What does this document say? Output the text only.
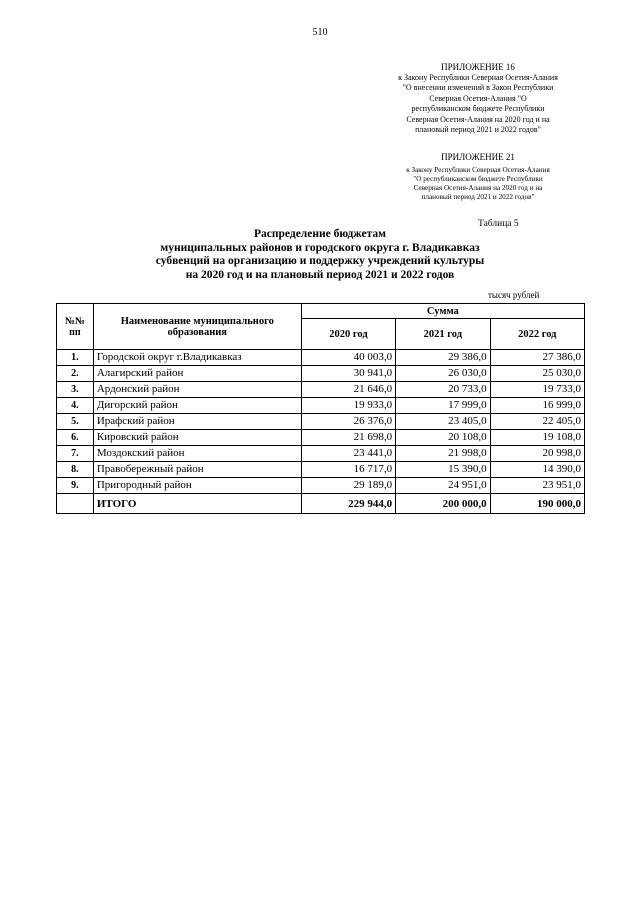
510
ПРИЛОЖЕНИЕ 16
к Закону Республики Северная Осетия-Алания
"О внесении изменений в Закон Республики
Северная Осетия-Алания "О
республиканском бюджете Республики
Северная Осетия-Алания на 2020 год и на
плановый период 2021 и 2022 годов"
ПРИЛОЖЕНИЕ 21
к Закону Республики Северная Осетия-Алания
"О республиканском бюджете Республики
Северная Осетия-Алания на 2020 год и на
плановый период 2021 и 2022 годов"
Таблица 5
Распределение бюджетам
муниципальных районов и городского округа г. Владикавказ
субвенций на организацию и поддержку учреждений культуры
на 2020 год и на плановый период 2021 и 2022 годов
тысяч рублей
№№ пп	Наименование муниципального образования	Сумма		
		2020 год	2021 год	2022 год
1.	Городской округ г.Владикавказ	40 003,0	29 386,0	27 386,0
2.	Алагирский район	30 941,0	26 030,0	25 030,0
3.	Ардонский район	21 646,0	20 733,0	19 733,0
4.	Дигорский район	19 933,0	17 999,0	16 999,0
5.	Ирафский район	26 376,0	23 405,0	22 405,0
6.	Кировский район	21 698,0	20 108,0	19 108,0
7.	Моздокский район	23 441,0	21 998,0	20 998,0
8.	Правобережный район	16 717,0	15 390,0	14 390,0
9.	Пригородный район	29 189,0	24 951,0	23 951,0
	ИТОГО	229 944,0	200 000,0	190 000,0
